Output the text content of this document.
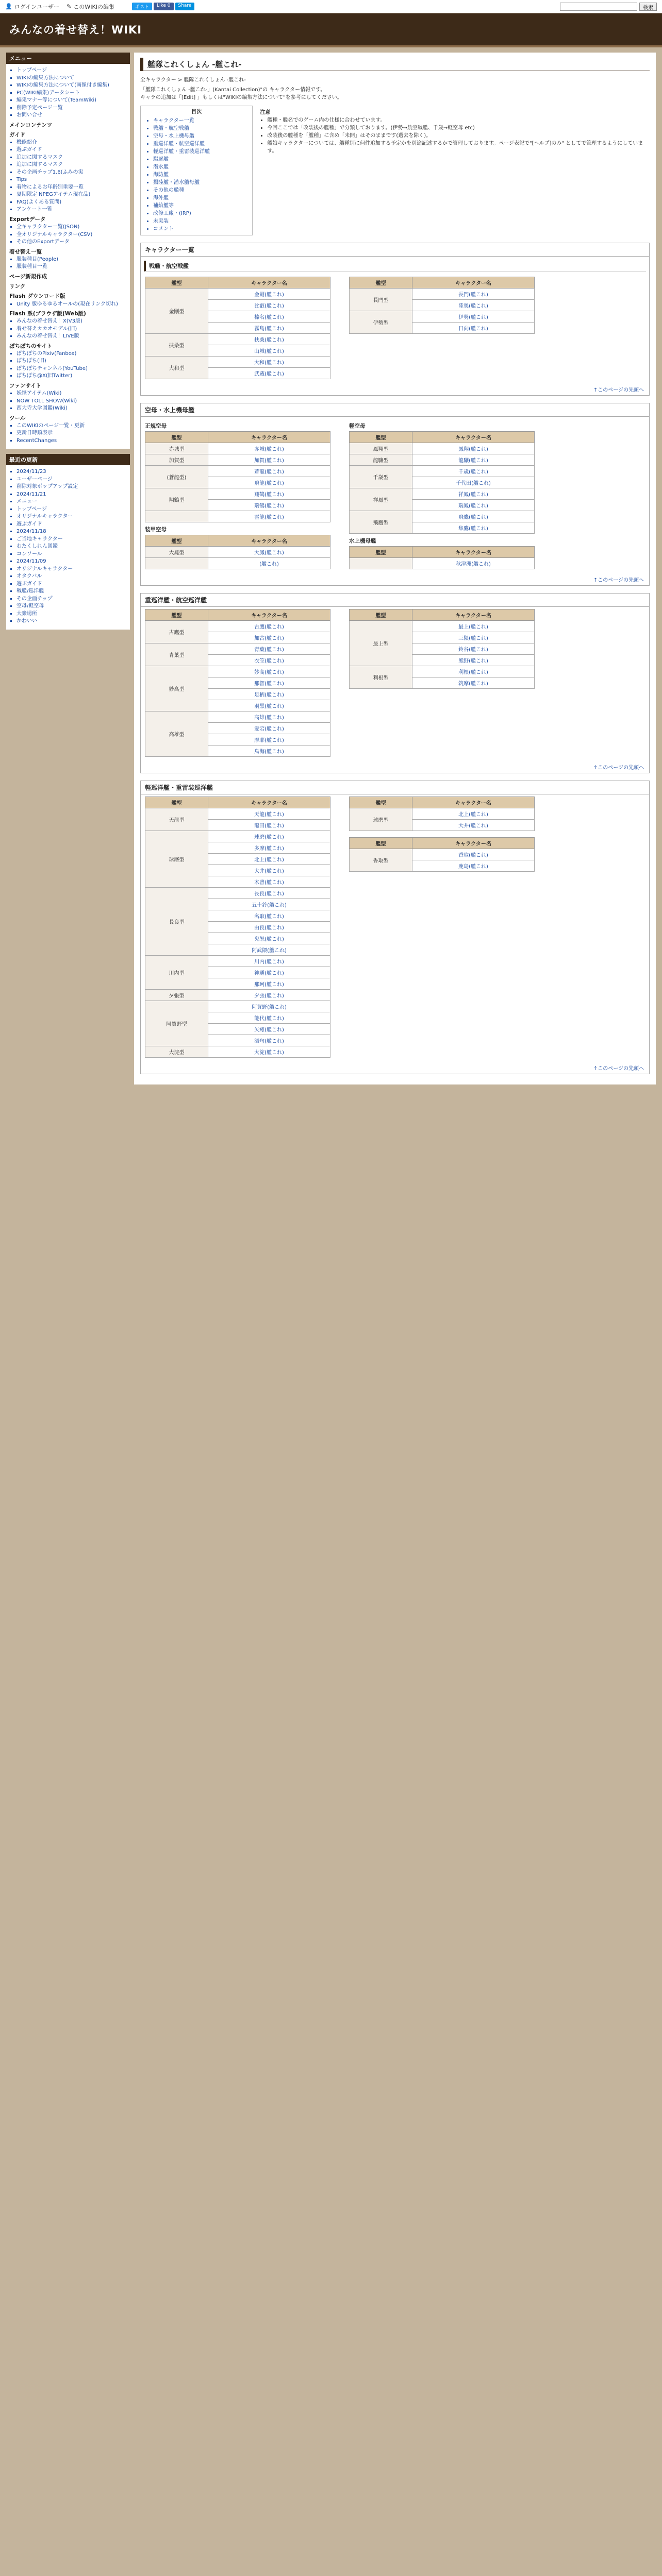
👤 ログインユーザー ✎ このWIKIの編集	ポスト	Like 0	Share	検索
みんなの着せ替え！WIKI
メニュー
▪ トップページ
▪ WIKIの編集方法について
▪ WIKIの編集方法について(画像付き編集)
▪ PC(WIKI編集)データシート
▪ 編集マナー等について(TeamWiki)
▪ 削除予定ページ一覧
▪ お問い合せ
メインコンテンツ
ガイド
▪ 機能紹介
▪ 遊ぶガイド
▪ 追加に関するマスク
▪ 追加に関するマスク
▪ その企画チップ1.6(ふみの実
▪ Tips
▪ 着物によるお年齢別重要一覧
▪ 夏期限定 NPEGアイテム現在品)
▪ FAQ(よくある質問)
▪ アンケート一覧
Exportデータ
▪ 全キャラクター一覧(JSON)
▪ 全オリジナルキャラクター(CSV)
▪ その他のExportデータ
着せ替え一覧
▪ 服装種目(People)
▪ 服装種目一覧
ページ新規作成
リンク
Flash ダウンロード版
▪ Unity 版ゆるゆるオールの(現在リンク切れ)
Flash 系(ブラウザ版(Web版)
▪ みんなの着せ替え！X(V3版)
▪ 着せ替えカカオモデル(旧)
▪ みんなの着せ替え！LIVE版
ぽちぽちのサイト
▪ ぽちぽちのPixiv(Fanbox)
▪ ぽちぽち(旧)
▪ ぽちぽちチャンネル(YouTube)
▪ ぽちぽち@X(旧Twitter)
ファンサイト
▪ 妖怪アイテム(Wiki)
▪ NOW TOLL SHOW(Wiki)
▪ 西大寺大学図鑑(Wiki)
ツール
▪ このWIKIのページ一覧・更新
▪ 更新日時順表示
▪ RecentChanges
最近の更新
▪ 2024/11/23
▪ ユーザーページ
▪ 削除対象ポップアップ設定
▪ 2024/11/21
▪ メニュー
▪ トップページ
▪ オリジナルキャラクター
▪ 遊ぶガイド
▪ 2024/11/18
▪ ご当地キャラクター
▪ わたくしれん図鑑
▪ コンソール
▪ 2024/11/09
▪ オリジナルキャラクター
▪ オタクバル
▪ 遊ぶガイド
▪ 戦艦/巡洋艦
▪ その企画チップ
▪ 空母/軽空母
▪ 大衆場所
▪ かわいい
艦隊これくしょん -艦これ-
全キャラクター > 艦隊これくしょん -艦これ-
「艦隊これくしょん -艦これ-」(Kantai Collection)"の キャラクター情報です。
キャラの追加は「[Edit] 」もしくは"WIKIの編集方法について"を参考にしてください。
目次
• キャラクター一覧
• 戦艦・航空戦艦
• 空母・水上機母艦
• 重巡洋艦・航空巡洋艦
• 軽巡洋艦・重雷装巡洋艦
• 駆逐艦
• 潜水艦
• 海防艦
• 揚陸艦・潜水艦母艦
• その他の艦種
• 海外艦
• 補給艦等
• 改修工廠・(IRP)
• 未実装
• コメント
注意
• 艦種・艦名でのゲーム内の仕様に合わせています。
• 今回ここでは「改装後の艦種」で分類しております。(伊勢→航空戦艦、千歳→軽空母 etc)
• 改装後の艦種を「艦種」に含め「未開」はそのままです(過去を除く)。
• 艦娘キャラクターについては、艦種別に何件追加する予定かを別途記述するかで管理しております。ページ表記で"[ヘルプ]のみ" としてで管理するようにしています。
キャラクター一覧
戦艦・航空戦艦
艦型	キャラクター名
金剛型	金剛(艦これ)
	比叡(艦これ)
	榛名(艦これ)
	霧島(艦これ)
扶桑型	扶桑(艦これ)
	山城(艦これ)
大和型	大和(艦これ)
	武蔵(艦これ)
艦型	キャラクター名
長門型	長門(艦これ)
	陸奥(艦これ)
伊勢型	伊勢(艦これ)
	日向(艦これ)
↑このページの先頭へ
空母・水上機母艦
正規空母
艦型	キャラクター名
赤城型	赤城(艦これ)
加賀型	加賀(艦これ)
(蒼龍型)	蒼龍(艦これ)
	飛龍(艦これ)
翔鶴型	翔鶴(艦これ)
	瑞鶴(艦これ)
	雲龍(艦これ)
装甲空母
艦型	キャラクター名
大鳳型	大鳳(艦これ)
	(艦これ)
軽空母
艦型	キャラクター名
鳳翔型	鳳翔(艦これ)
龍驤型	龍驤(艦これ)
千歳型	千歳(艦これ)
	千代田(艦これ)
祥鳳型	祥鳳(艦これ)
	瑞鳳(艦これ)
飛鷹型	飛鷹(艦これ)
	隼鷹(艦これ)
水上機母艦
艦型	キャラクター名
	秋津洲(艦これ)
↑このページの先頭へ
重巡洋艦・航空巡洋艦
艦型	キャラクター名
古鷹型	古鷹(艦これ)
	加古(艦これ)
青葉型	青葉(艦これ)
	衣笠(艦これ)
妙高型	妙高(艦これ)
	那智(艦これ)
	足柄(艦これ)
	羽黒(艦これ)
高雄型	高雄(艦これ)
	愛宕(艦これ)
	摩耶(艦これ)
	鳥海(艦これ)
艦型	キャラクター名
最上型	最上(艦これ)
	三隈(艦これ)
	鈴谷(艦これ)
	熊野(艦これ)
利根型	利根(艦これ)
	筑摩(艦これ)
↑このページの先頭へ
軽巡洋艦・重雷装巡洋艦
艦型	キャラクター名
天龍型	天龍(艦これ)
	龍田(艦これ)
球磨型	球磨(艦これ)
	多摩(艦これ)
	北上(艦これ)
	大井(艦これ)
	木曾(艦これ)
長良型	長良(艦これ)
	五十鈴(艦これ)
	名取(艦これ)
	由良(艦これ)
	鬼怒(艦これ)
	阿武隈(艦これ)
川内型	川内(艦これ)
	神通(艦これ)
	那珂(艦これ)
夕張型	夕張(艦これ)
阿賀野型	阿賀野(艦これ)
	能代(艦これ)
	矢矧(艦これ)
	酒匂(艦これ)
大淀型	大淀(艦これ)
艦型	キャラクター名
球磨型	北上(艦これ)
	大井(艦これ)
艦型	キャラクター名
香取型	香取(艦これ)
	鹿島(艦これ)
↑このページの先頭へ
